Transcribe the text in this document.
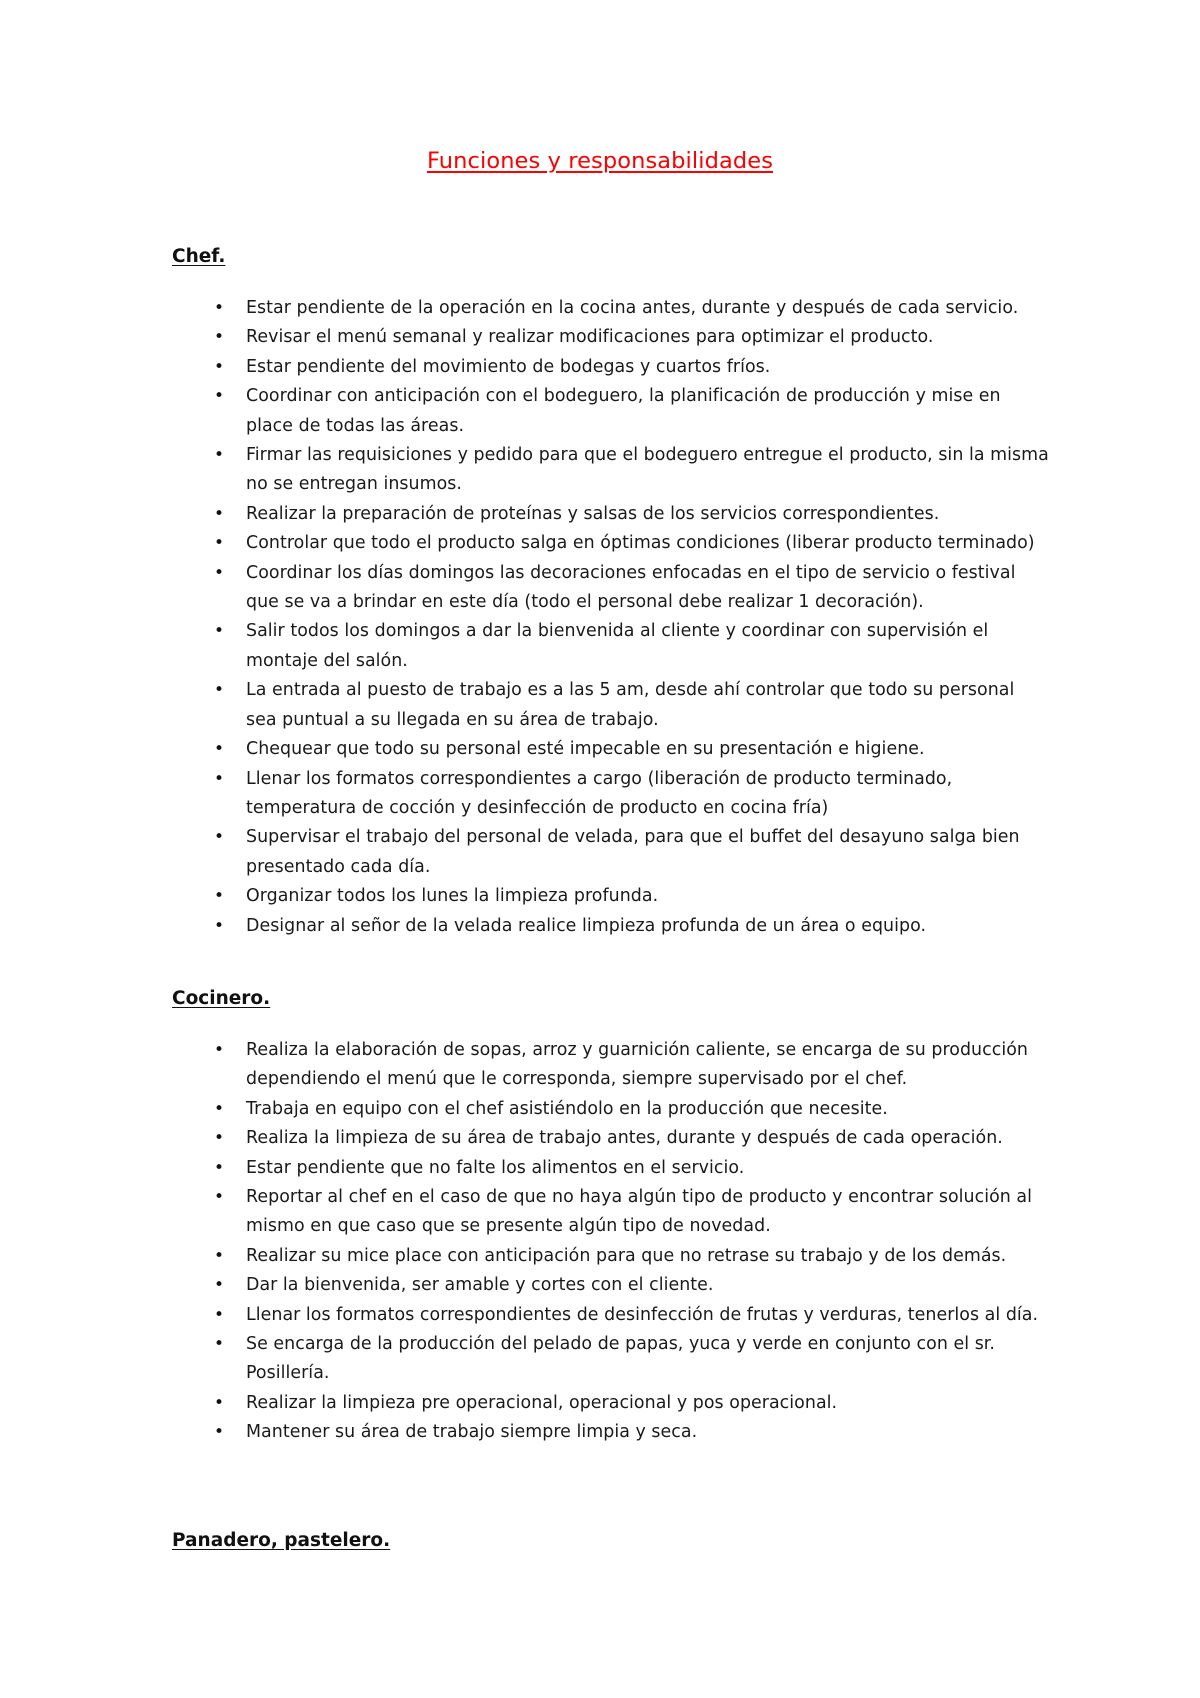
Funciones y responsabilidades
Chef.
• Estar pendiente de la operación en la cocina antes, durante y después de cada servicio.
• Revisar el menú semanal y realizar modificaciones para optimizar el producto.
• Estar pendiente del movimiento de bodegas y cuartos fríos.
• Coordinar con anticipación con el bodeguero, la planificación de producción y mise en place de todas las áreas.
• Firmar las requisiciones y pedido para que el bodeguero entregue el producto, sin la misma no se entregan insumos.
• Realizar la preparación de proteínas y salsas de los servicios correspondientes.
• Controlar que todo el producto salga en óptimas condiciones (liberar producto terminado)
• Coordinar los días domingos las decoraciones enfocadas en el tipo de servicio o festival que se va a brindar en este día (todo el personal debe realizar 1 decoración).
• Salir todos los domingos a dar la bienvenida al cliente y coordinar con supervisión el montaje del salón.
• La entrada al puesto de trabajo es a las 5 am, desde ahí controlar que todo su personal sea puntual a su llegada en su área de trabajo.
• Chequear que todo su personal esté impecable en su presentación e higiene.
• Llenar los formatos correspondientes a cargo (liberación de producto terminado, temperatura de cocción y desinfección de producto en cocina fría)
• Supervisar el trabajo del personal de velada, para que el buffet del desayuno salga bien presentado cada día.
• Organizar todos los lunes la limpieza profunda.
• Designar al señor de la velada realice limpieza profunda de un área o equipo.
Cocinero.
• Realiza la elaboración de sopas, arroz y guarnición caliente, se encarga de su producción dependiendo el menú que le corresponda, siempre supervisado por el chef.
• Trabaja en equipo con el chef asistiéndolo en la producción que necesite.
• Realiza la limpieza de su área de trabajo antes, durante y después de cada operación.
• Estar pendiente que no falte los alimentos en el servicio.
• Reportar al chef en el caso de que no haya algún tipo de producto y encontrar solución al mismo en que caso que se presente algún tipo de novedad.
• Realizar su mice place con anticipación para que no retrase su trabajo y de los demás.
• Dar la bienvenida, ser amable y cortes con el cliente.
• Llenar los formatos correspondientes de desinfección de frutas y verduras, tenerlos al día.
• Se encarga de la producción del pelado de papas, yuca y verde en conjunto con el sr. Posillería.
• Realizar la limpieza pre operacional, operacional y pos operacional.
• Mantener su área de trabajo siempre limpia y seca.
Panadero, pastelero.
